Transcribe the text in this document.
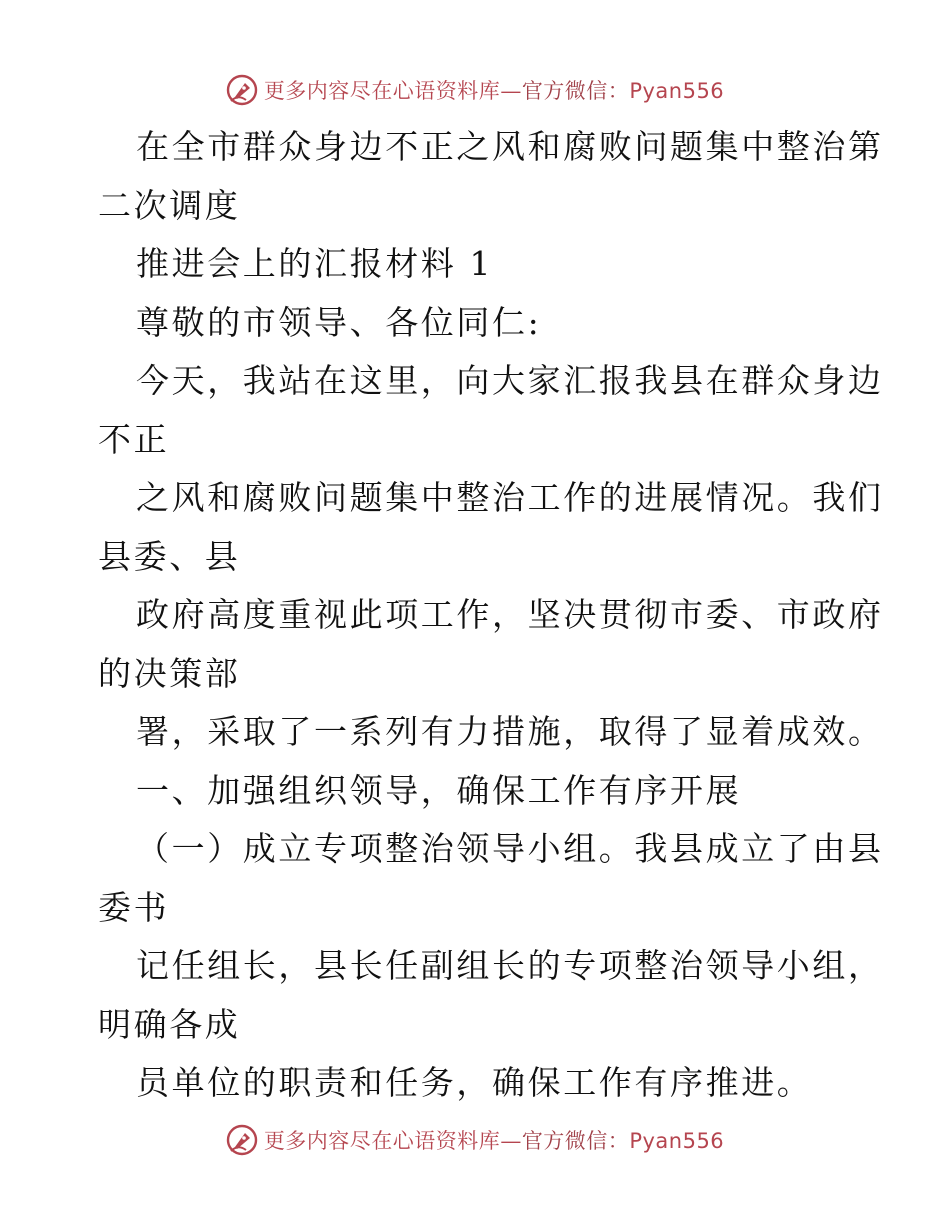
更多内容尽在心语资料库—官方微信：Pyan556

在全市群众身边不正之风和腐败问题集中整治第

二次调度

推进会上的汇报材料 1

尊敬的市领导、各位同仁:

今天，我站在这里，向大家汇报我县在群众身边

不正

之风和腐败问题集中整治工作的进展情况。我们

县委、县

政府高度重视此项工作，坚决贯彻市委、市政府

的决策部

署，采取了一系列有力措施，取得了显着成效。

一、加强组织领导，确保工作有序开展

（一）成立专项整治领导小组。我县成立了由县

委书

记任组长，县长任副组长的专项整治领导小组，

明确各成

员单位的职责和任务，确保工作有序推进。

更多内容尽在心语资料库—官方微信：Pyan556
